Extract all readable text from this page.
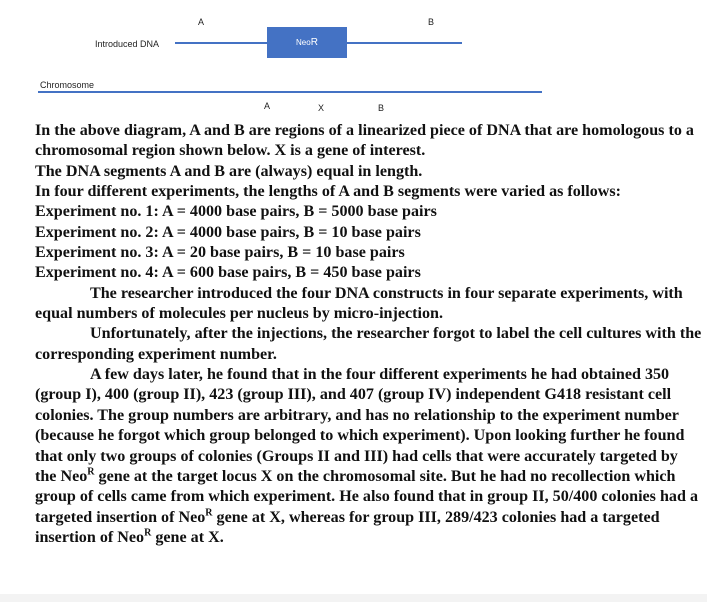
A	B
Introduced DNA	Neo R
Chromosome
A	X	B

In the above diagram, A and B are regions of a linearized piece of DNA that are homologous to a chromosomal region shown below. X is a gene of interest.

The DNA segments A and B are (always) equal in length.

In four different experiments, the lengths of A and B segments were varied as follows:

Experiment no. 1: A = 4000 base pairs, B = 5000 base pairs

Experiment no. 2: A = 4000 base pairs, B = 10 base pairs

Experiment no. 3: A = 20 base pairs, B = 10 base pairs

Experiment no. 4: A = 600 base pairs, B = 450 base pairs

The researcher introduced the four DNA constructs in four separate experiments, with equal numbers of molecules per nucleus by micro-injection.

Unfortunately, after the injections, the researcher forgot to label the cell cultures with the corresponding experiment number.

A few days later, he found that in the four different experiments he had obtained 350 (group I), 400 (group II), 423 (group III), and 407 (group IV) independent G418 resistant cell colonies. The group numbers are arbitrary, and has no relationship to the experiment number (because he forgot which group belonged to which experiment). Upon looking further he found that only two groups of colonies (Groups II and III) had cells that were accurately targeted by the Neo$^R$ gene at the target locus X on the chromosomal site. But he had no recollection which group of cells came from which experiment. He also found that in group II, 50/400 colonies had a targeted insertion of Neo$^R$ gene at X, whereas for group III, 289/423 colonies had a targeted insertion of Neo$^R$ gene at X.
